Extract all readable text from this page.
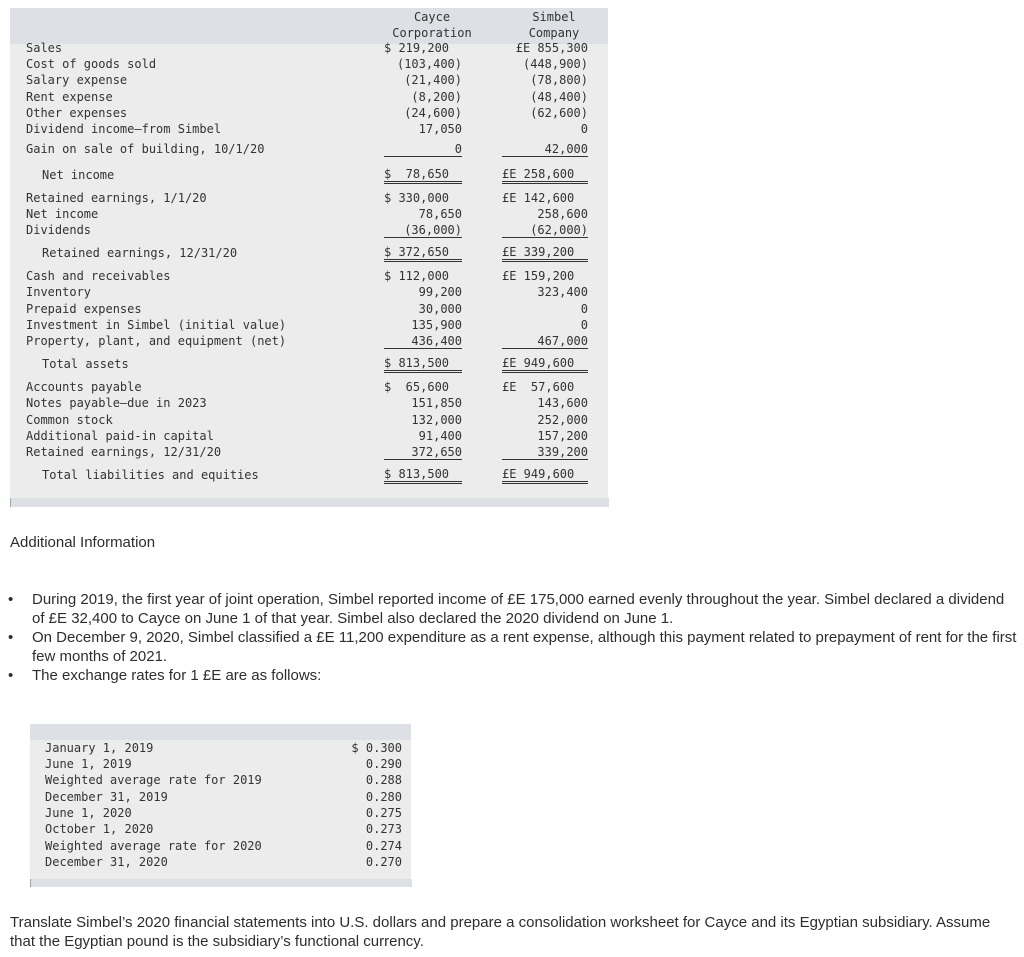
Cayce
Corporation
Simbel
Company
Sales	$ 219,200	£E 855,300
Cost of goods sold	(103,400)	(448,900)
Salary expense	(21,400)	(78,800)
Rent expense	(8,200)	(48,400)
Other expenses	(24,600)	(62,600)
Dividend income—from Simbel	17,050	0
Gain on sale of building, 10/1/20	0	42,000
Net income	$  78,650	£E 258,600
Retained earnings, 1/1/20	$ 330,000	£E 142,600
Net income	78,650	258,600
Dividends	(36,000)	(62,000)
Retained earnings, 12/31/20	$ 372,650	£E 339,200
Cash and receivables	$ 112,000	£E 159,200
Inventory	99,200	323,400
Prepaid expenses	30,000	0
Investment in Simbel (initial value)	135,900	0
Property, plant, and equipment (net)	436,400	467,000
Total assets	$ 813,500	£E 949,600
Accounts payable	$  65,600	£E  57,600
Notes payable—due in 2023	151,850	143,600
Common stock	132,000	252,000
Additional paid-in capital	91,400	157,200
Retained earnings, 12/31/20	372,650	339,200
Total liabilities and equities	$ 813,500	£E 949,600
Additional Information
• During 2019, the first year of joint operation, Simbel reported income of £E 175,000 earned evenly throughout the year. Simbel declared a dividend of £E 32,400 to Cayce on June 1 of that year. Simbel also declared the 2020 dividend on June 1.
• On December 9, 2020, Simbel classified a £E 11,200 expenditure as a rent expense, although this payment related to prepayment of rent for the first few months of 2021.
• The exchange rates for 1 £E are as follows:
January 1, 2019	$ 0.300
June 1, 2019	0.290
Weighted average rate for 2019	0.288
December 31, 2019	0.280
June 1, 2020	0.275
October 1, 2020	0.273
Weighted average rate for 2020	0.274
December 31, 2020	0.270
Translate Simbel’s 2020 financial statements into U.S. dollars and prepare a consolidation worksheet for Cayce and its Egyptian subsidiary. Assume that the Egyptian pound is the subsidiary’s functional currency.
